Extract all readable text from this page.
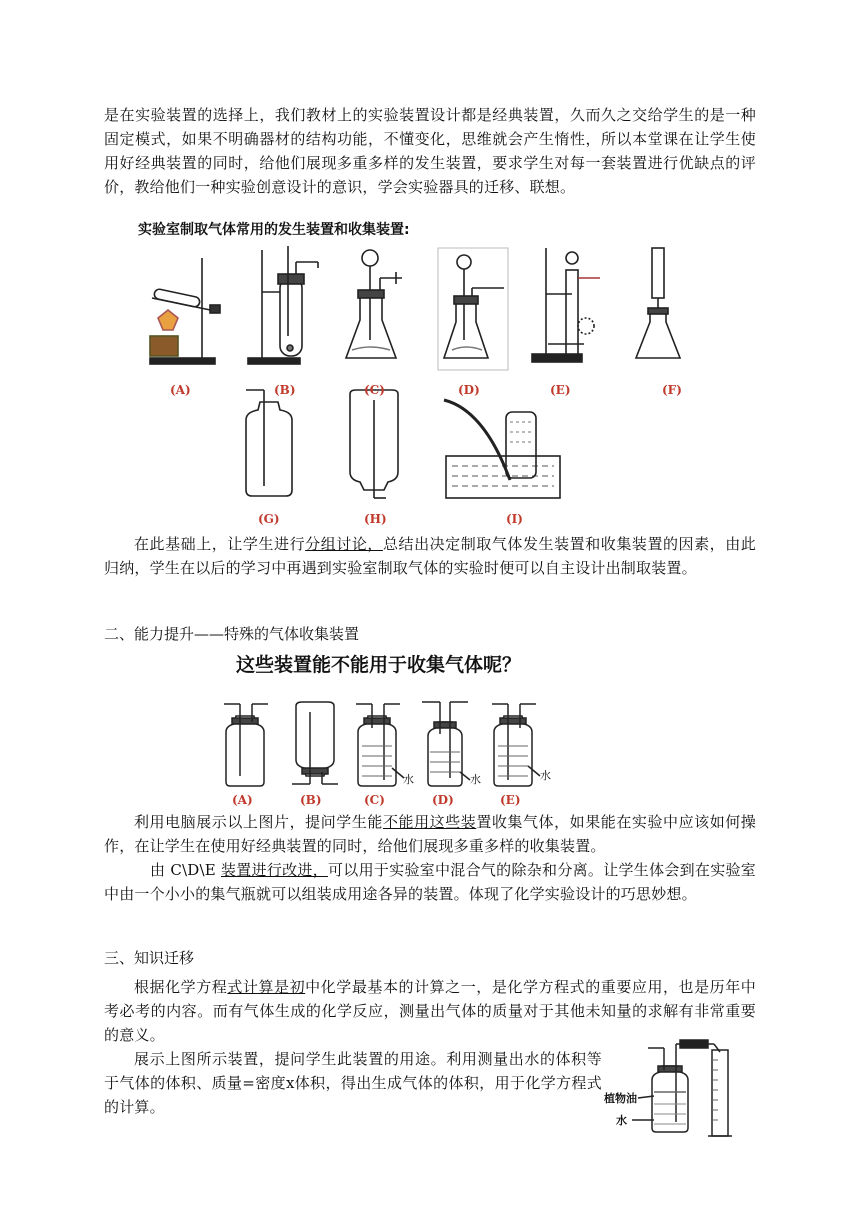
是在实验装置的选择上，我们教材上的实验装置设计都是经典装置，久而久之交给学生的是一种固定模式，如果不明确器材的结构功能，不懂变化，思维就会产生惰性，所以本堂课在让学生使用好经典装置的同时，给他们展现多重多样的发生装置，要求学生对每一套装置进行优缺点的评价，教给他们一种实验创意设计的意识，学会实验器具的迁移、联想。
实验室制取气体常用的发生装置和收集装置:
(A)	(B)	(C)	(D)	(E)	(F)
(G)	(H)	(I)
在此基础上，让学生进行分组讨论，总结出决定制取气体发生装置和收集装置的因素，由此归纳，学生在以后的学习中再遇到实验室制取气体的实验时便可以自主设计出制取装置。
二、能力提升——特殊的气体收集装置
这些装置能不能用于收集气体呢？
水	水	水
(A)	(B)	(C)	(D)	(E)
利用电脑展示以上图片，提问学生能不能用这些装置收集气体，如果能在实验中应该如何操作，在让学生在使用好经典装置的同时，给他们展现多重多样的收集装置。
由 C\D\E 装置进行改进，可以用于实验室中混合气的除杂和分离。让学生体会到在实验室中由一个小小的集气瓶就可以组装成用途各异的装置。体现了化学实验设计的巧思妙想。
三、知识迁移
根据化学方程式计算是初中化学最基本的计算之一，是化学方程式的重要应用，也是历年中考必考的内容。而有气体生成的化学反应，测量出气体的质量对于其他未知量的求解有非常重要的意义。
展示上图所示装置，提问学生此装置的用途。利用测量出水的体积等于气体的体积、质量=密度x体积，得出生成气体的体积，用于化学方程式的计算。	植物油
水
